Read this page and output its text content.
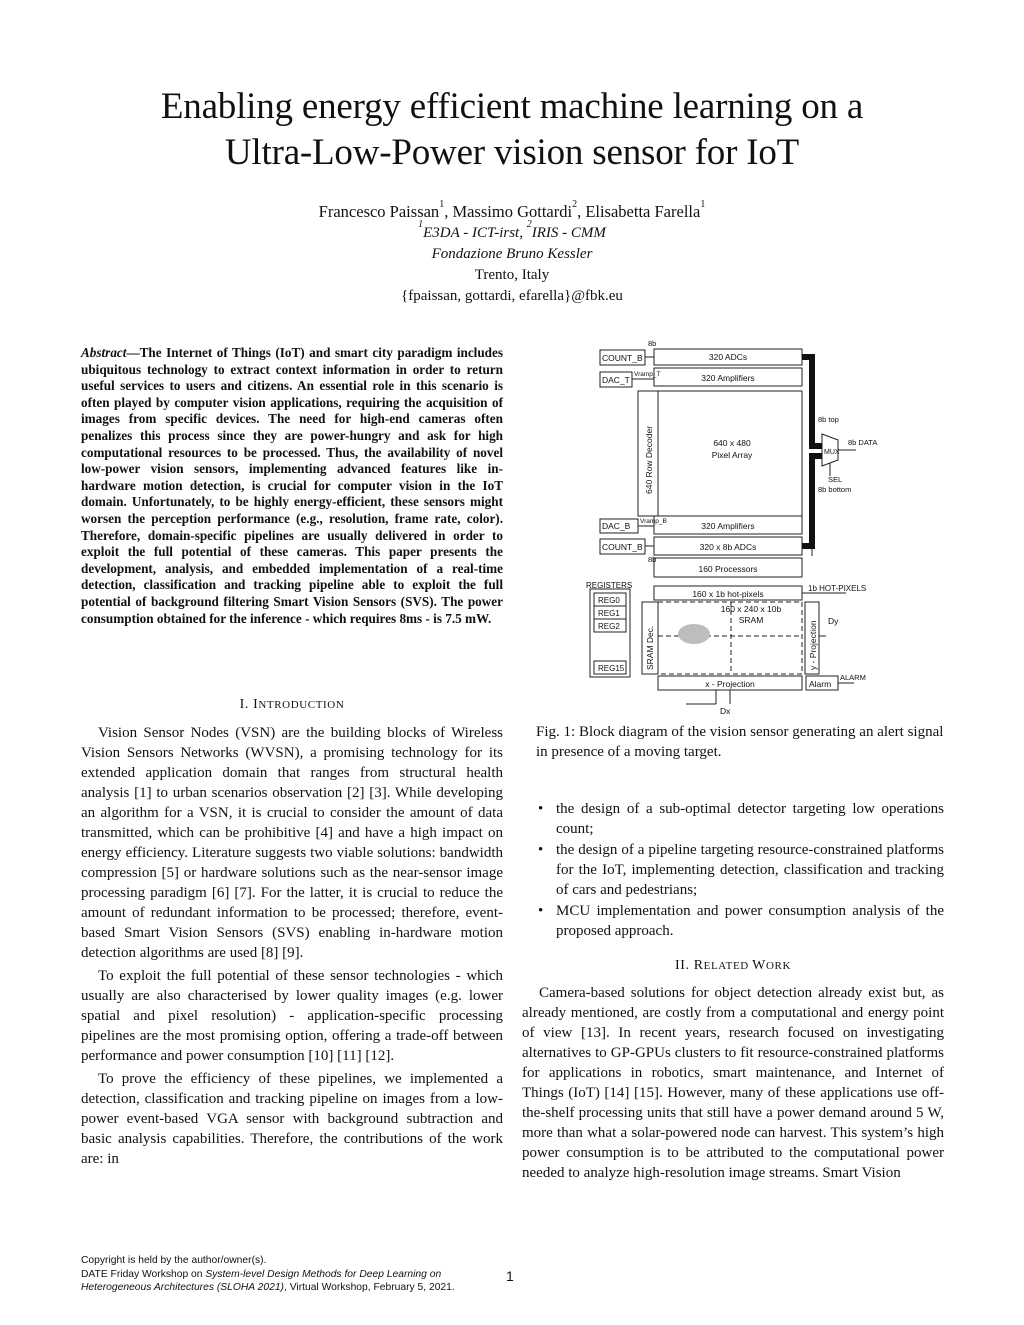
Enabling energy efficient machine learning on a
Ultra-Low-Power vision sensor for IoT
Francesco Paissan$^1$, Massimo Gottardi$^2$, Elisabetta Farella$^1$
$^1$E3DA - ICT-irst, $^2$IRIS - CMM
Fondazione Bruno Kessler
Trento, Italy
{fpaissan, gottardi, efarella}@fbk.eu
Abstract—The Internet of Things (IoT) and smart city paradigm includes ubiquitous technology to extract context information in order to return useful services to users and citizens. An essential role in this scenario is often played by computer vision applications, requiring the acquisition of images from specific devices. The need for high-end cameras often penalizes this process since they are power-hungry and ask for high computational resources to be processed. Thus, the availability of novel low-power vision sensors, implementing advanced features like in-hardware motion detection, is crucial for computer vision in the IoT domain. Unfortunately, to be highly energy-efficient, these sensors might worsen the perception performance (e.g., resolution, frame rate, color). Therefore, domain-specific pipelines are usually delivered in order to exploit the full potential of these cameras. This paper presents the development, analysis, and embedded implementation of a real-time detection, classification and tracking pipeline able to exploit the full potential of background filtering Smart Vision Sensors (SVS). The power consumption obtained for the inference - which requires 8ms - is 7.5 mW.
I. INTRODUCTION

Vision Sensor Nodes (VSN) are the building blocks of Wireless Vision Sensors Networks (WVSN), a promising technology for its extended application domain that ranges from structural health analysis [1] to urban scenarios observation [2] [3]. While developing an algorithm for a VSN, it is crucial to consider the amount of data transmitted, which can be prohibitive [4] and have a high impact on energy efficiency. Literature suggests two viable solutions: bandwidth compression [5] or hardware solutions such as the near-sensor image processing paradigm [6] [7]. For the latter, it is crucial to reduce the amount of redundant information to be processed; therefore, event-based Smart Vision Sensors (SVS) enabling in-hardware motion detection algorithms are used [8] [9].

To exploit the full potential of these sensor technologies - which usually are also characterised by lower quality images (e.g. lower spatial and pixel resolution) - application-specific processing pipelines are the most promising option, offering a trade-off between performance and power consumption [10] [11] [12].

To prove the efficiency of these pipelines, we implemented a detection, classification and tracking pipeline on images from a low-power event-based VGA sensor with background subtraction and basic analysis capabilities. Therefore, the contributions of the work are: in

COUNT_B
DAC_T
Vramp_T
8b
320 ADCs
320 Amplifiers
640 Row Decoder	640 x 480
Pixel Array
8b top
MUX
8b DATA
SEL
8b bottom
DAC_B Vramp_B	320 Amplifiers
COUNT_B	320 x 8b ADCs
8b
160 Processors
REGISTERS	1b HOT-PIXELS
160 x 1b hot-pixels
REG0
REG1
REG2
REG15 SRAM Dec.
160 x 240 x 10b
SRAM
y - Projection Dy
x - Projection	Alarm
ALARM
Dx
Fig. 1: Block diagram of the vision sensor generating an alert signal in presence of a moving target.
• the design of a sub-optimal detector targeting low operations count;
• the design of a pipeline targeting resource-constrained platforms for the IoT, implementing detection, classification and tracking of cars and pedestrians;
• MCU implementation and power consumption analysis of the proposed approach.
II. RELATED WORK

Camera-based solutions for object detection already exist but, as already mentioned, are costly from a computational and energy point of view [13]. In recent years, research focused on investigating alternatives to GP-GPUs clusters to fit resource-constrained platforms for applications in robotics, smart maintenance, and Internet of Things (IoT) [14] [15]. However, many of these applications use off-the-shelf processing units that still have a power demand around 5 W, more than what a solar-powered node can harvest. This system’s high power consumption is to be attributed to the computational power needed to analyze high-resolution image streams. Smart Vision

Copyright is held by the author/owner(s).
DATE Friday Workshop on System-level Design Methods for Deep Learning on
Heterogeneous Architectures (SLOHA 2021), Virtual Workshop, February 5, 2021.
1
